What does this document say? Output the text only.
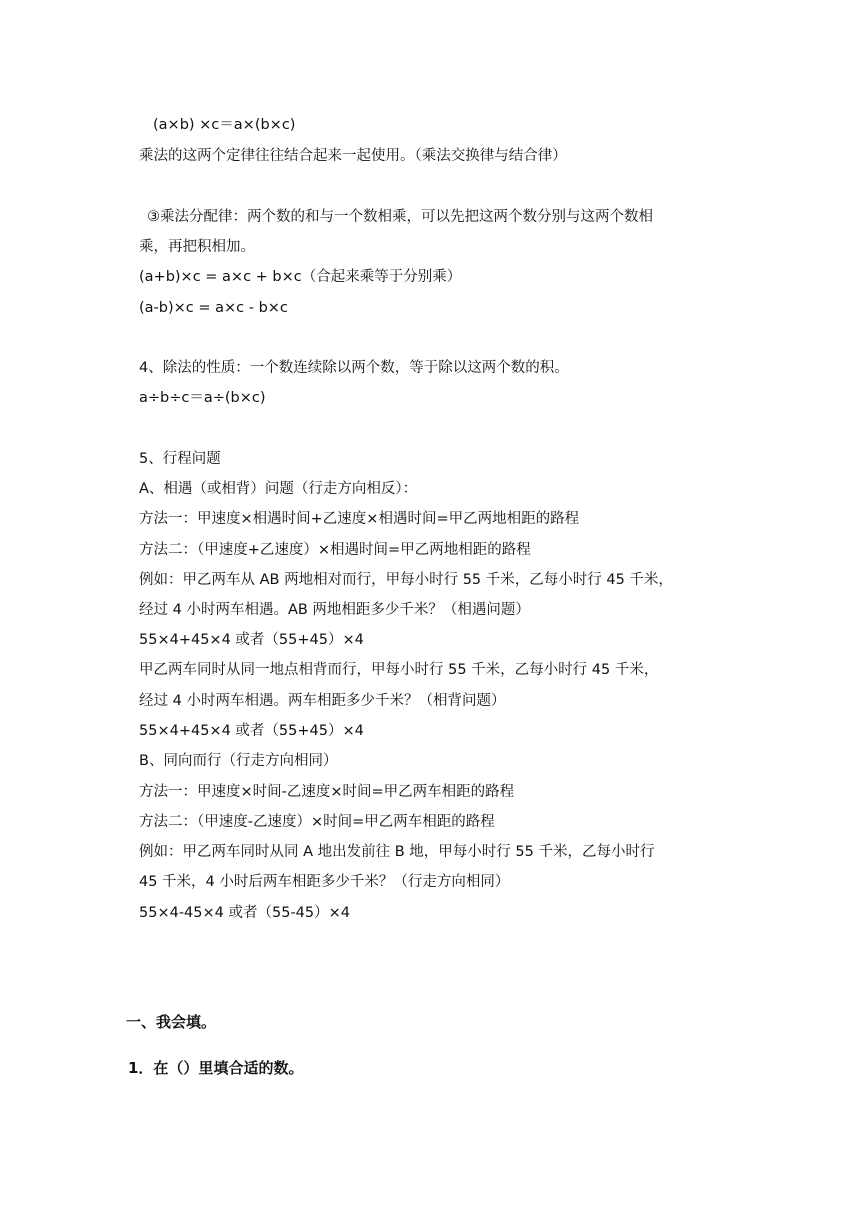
(a×b) ×c＝a×(b×c)
乘法的这两个定律往往结合起来一起使用。（乘法交换律与结合律）
③乘法分配律：两个数的和与一个数相乘，可以先把这两个数分别与这两个数相
乘，再把积相加。
(a+b)×c = a×c + b×c（合起来乘等于分别乘）
(a-b)×c = a×c - b×c
4、除法的性质：一个数连续除以两个数，等于除以这两个数的积。
a÷b÷c＝a÷(b×c)
5、行程问题
A、相遇（或相背）问题（行走方向相反）：
方法一：甲速度×相遇时间+乙速度×相遇时间=甲乙两地相距的路程
方法二：（甲速度+乙速度）×相遇时间=甲乙两地相距的路程
例如：甲乙两车从 AB 两地相对而行，甲每小时行 55 千米，乙每小时行 45 千米，
经过 4 小时两车相遇。AB 两地相距多少千米？（相遇问题）
55×4+45×4 或者（55+45）×4
甲乙两车同时从同一地点相背而行，甲每小时行 55 千米，乙每小时行 45 千米，
经过 4 小时两车相遇。两车相距多少千米？（相背问题）
55×4+45×4 或者（55+45）×4
B、同向而行（行走方向相同）
方法一：甲速度×时间-乙速度×时间=甲乙两车相距的路程
方法二：（甲速度-乙速度）×时间=甲乙两车相距的路程
例如：甲乙两车同时从同 A 地出发前往 B 地，甲每小时行 55 千米，乙每小时行
45 千米，4 小时后两车相距多少千米？（行走方向相同）
55×4-45×4 或者（55-45）×4
一、我会填。
1．在（）里填合适的数。
